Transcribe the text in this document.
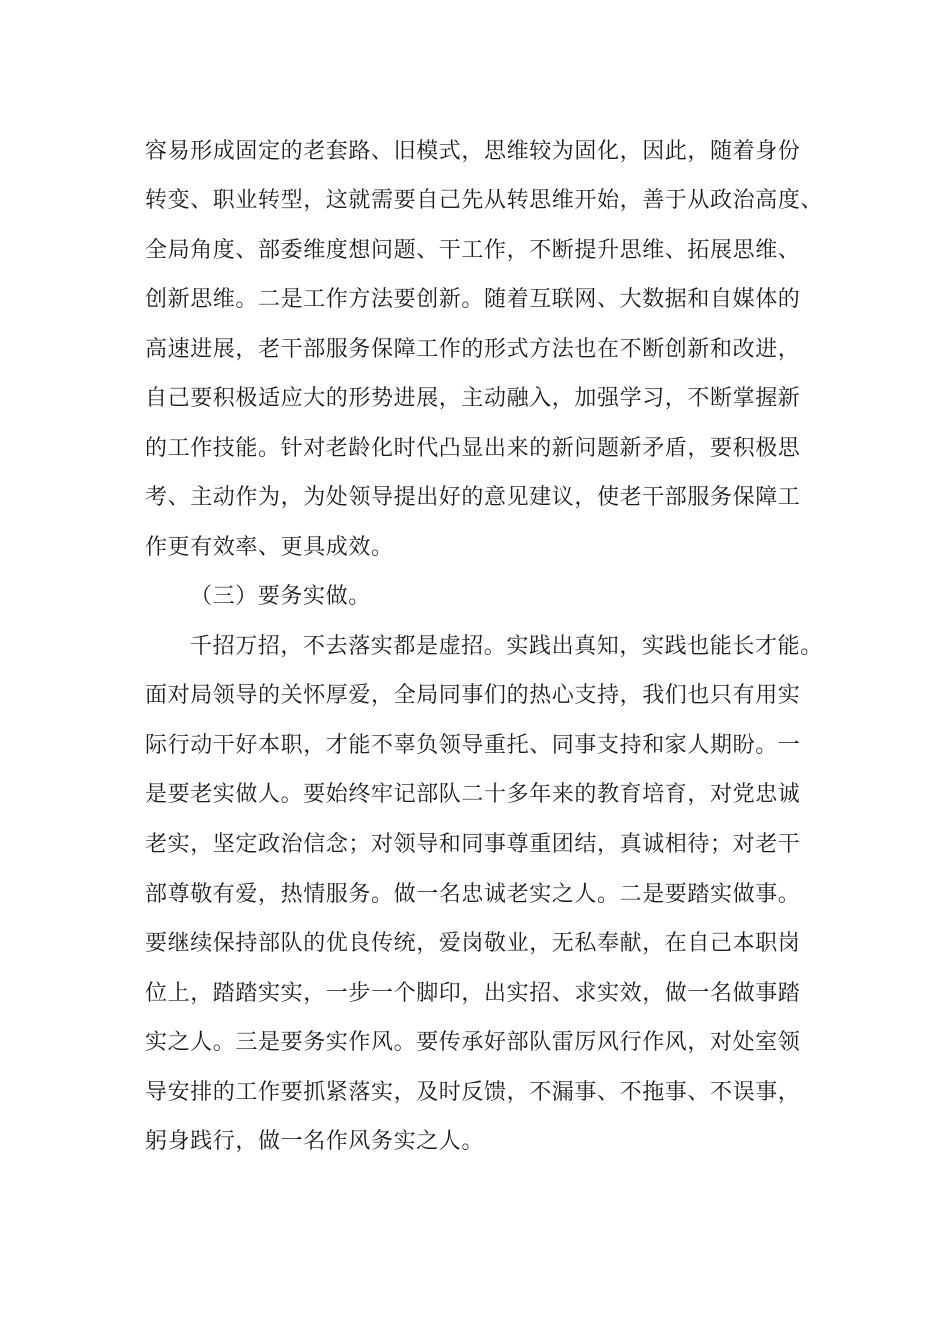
容易形成固定的老套路、旧模式，思维较为固化，因此，随着身份
转变、职业转型，这就需要自己先从转思维开始，善于从政治高度、
全局角度、部委维度想问题、干工作，不断提升思维、拓展思维、
创新思维。二是工作方法要创新。随着互联网、大数据和自媒体的
高速进展，老干部服务保障工作的形式方法也在不断创新和改进，
自己要积极适应大的形势进展，主动融入，加强学习，不断掌握新
的工作技能。针对老龄化时代凸显出来的新问题新矛盾，要积极思
考、主动作为，为处领导提出好的意见建议，使老干部服务保障工
作更有效率、更具成效。
（三）要务实做。
千招万招，不去落实都是虚招。实践出真知，实践也能长才能。
面对局领导的关怀厚爱，全局同事们的热心支持，我们也只有用实
际行动干好本职，才能不辜负领导重托、同事支持和家人期盼。一
是要老实做人。要始终牢记部队二十多年来的教育培育，对党忠诚
老实，坚定政治信念；对领导和同事尊重团结，真诚相待；对老干
部尊敬有爱，热情服务。做一名忠诚老实之人。二是要踏实做事。
要继续保持部队的优良传统，爱岗敬业，无私奉献，在自己本职岗
位上，踏踏实实，一步一个脚印，出实招、求实效，做一名做事踏
实之人。三是要务实作风。要传承好部队雷厉风行作风，对处室领
导安排的工作要抓紧落实，及时反馈，不漏事、不拖事、不误事，
躬身践行，做一名作风务实之人。
